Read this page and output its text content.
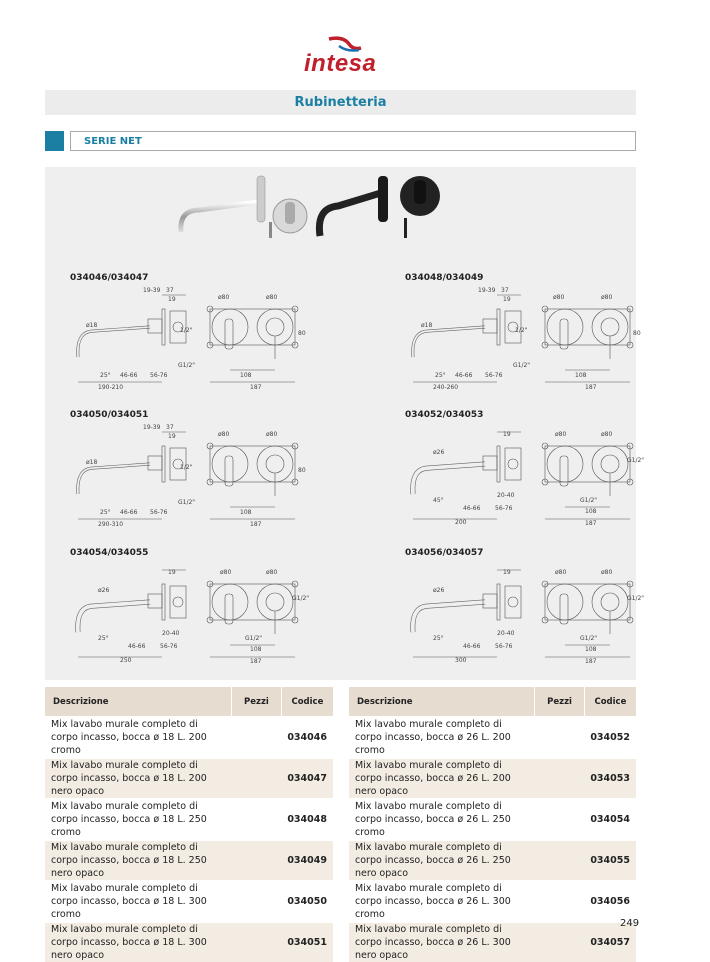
intesa
Rubinetteria
SERIE NET
034046/034047
19-39 37
19
ø18
1/2"
G1/2"
25° 46-66 56-76
190-210
ø80	ø80
80
108
187
034048/034049
19-39 37
19
ø18
1/2"
G1/2"
25° 46-66 56-76
240-260
ø80	ø80
80
108
187
034050/034051
19-39 37
19
ø18
1/2"
G1/2"
25° 46-66 56-76
290-310
ø80	ø80
80
108
187
034052/034053
19
ø26
G1/2"
G1/2"
45°
20-40
46-66 56-76
200
ø80	ø80
108
187
034054/034055
19
ø26
G1/2"
G1/2"
25°
20-40
46-66 56-76
250
ø80	ø80
108
187
034056/034057
19
ø26
G1/2"
G1/2"
25°
20-40
46-66 56-76
300
ø80	ø80
108
187
Descrizione	Pezzi	Codice
Mix lavabo murale completo di corpo incasso, bocca ø 18 L. 200 cromo		034046
Mix lavabo murale completo di corpo incasso, bocca ø 18 L. 200 nero opaco		034047
Mix lavabo murale completo di corpo incasso, bocca ø 18 L. 250 cromo		034048
Mix lavabo murale completo di corpo incasso, bocca ø 18 L. 250 nero opaco		034049
Mix lavabo murale completo di corpo incasso, bocca ø 18 L. 300 cromo		034050
Mix lavabo murale completo di corpo incasso, bocca ø 18 L. 300 nero opaco		034051
Descrizione	Pezzi	Codice
Mix lavabo murale completo di corpo incasso, bocca ø 26 L. 200 cromo		034052
Mix lavabo murale completo di corpo incasso, bocca ø 26 L. 200 nero opaco		034053
Mix lavabo murale completo di corpo incasso, bocca ø 26 L. 250 cromo		034054
Mix lavabo murale completo di corpo incasso, bocca ø 26 L. 250 nero opaco		034055
Mix lavabo murale completo di corpo incasso, bocca ø 26 L. 300 cromo		034056
Mix lavabo murale completo di corpo incasso, bocca ø 26 L. 300 nero opaco		034057
249
